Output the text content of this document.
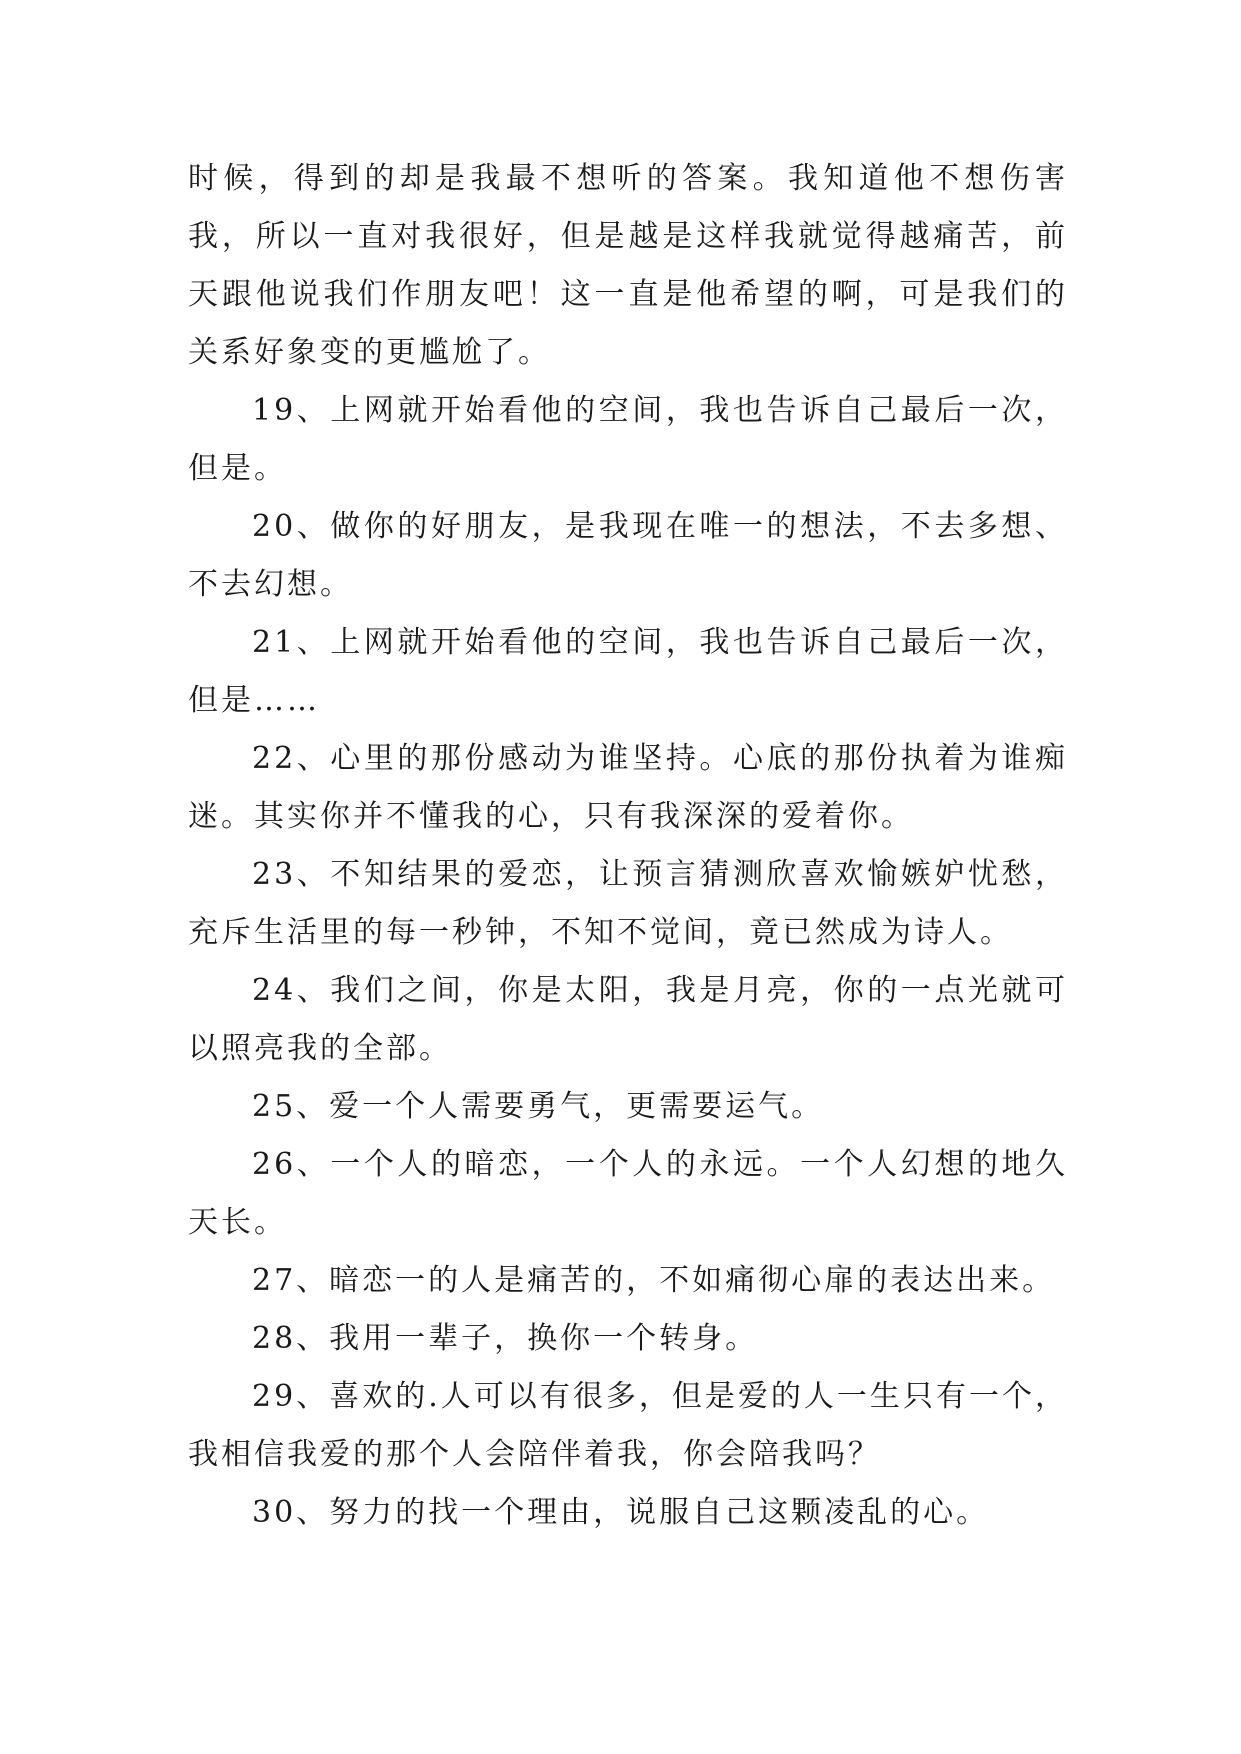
时候，得到的却是我最不想听的答案。我知道他不想伤害我，所以一直对我很好，但是越是这样我就觉得越痛苦，前天跟他说我们作朋友吧！这一直是他希望的啊，可是我们的关系好象变的更尴尬了。

19、上网就开始看他的空间，我也告诉自己最后一次，但是。

20、做你的好朋友，是我现在唯一的想法，不去多想、不去幻想。

21、上网就开始看他的空间，我也告诉自己最后一次，但是……

22、心里的那份感动为谁坚持。心底的那份执着为谁痴迷。其实你并不懂我的心，只有我深深的爱着你。

23、不知结果的爱恋，让预言猜测欣喜欢愉嫉妒忧愁，充斥生活里的每一秒钟，不知不觉间，竟已然成为诗人。

24、我们之间，你是太阳，我是月亮，你的一点光就可以照亮我的全部。

25、爱一个人需要勇气，更需要运气。

26、一个人的暗恋，一个人的永远。一个人幻想的地久天长。

27、暗恋一的人是痛苦的，不如痛彻心扉的表达出来。

28、我用一辈子，换你一个转身。

29、喜欢的.人可以有很多，但是爱的人一生只有一个，我相信我爱的那个人会陪伴着我，你会陪我吗？

30、努力的找一个理由，说服自己这颗凌乱的心。
